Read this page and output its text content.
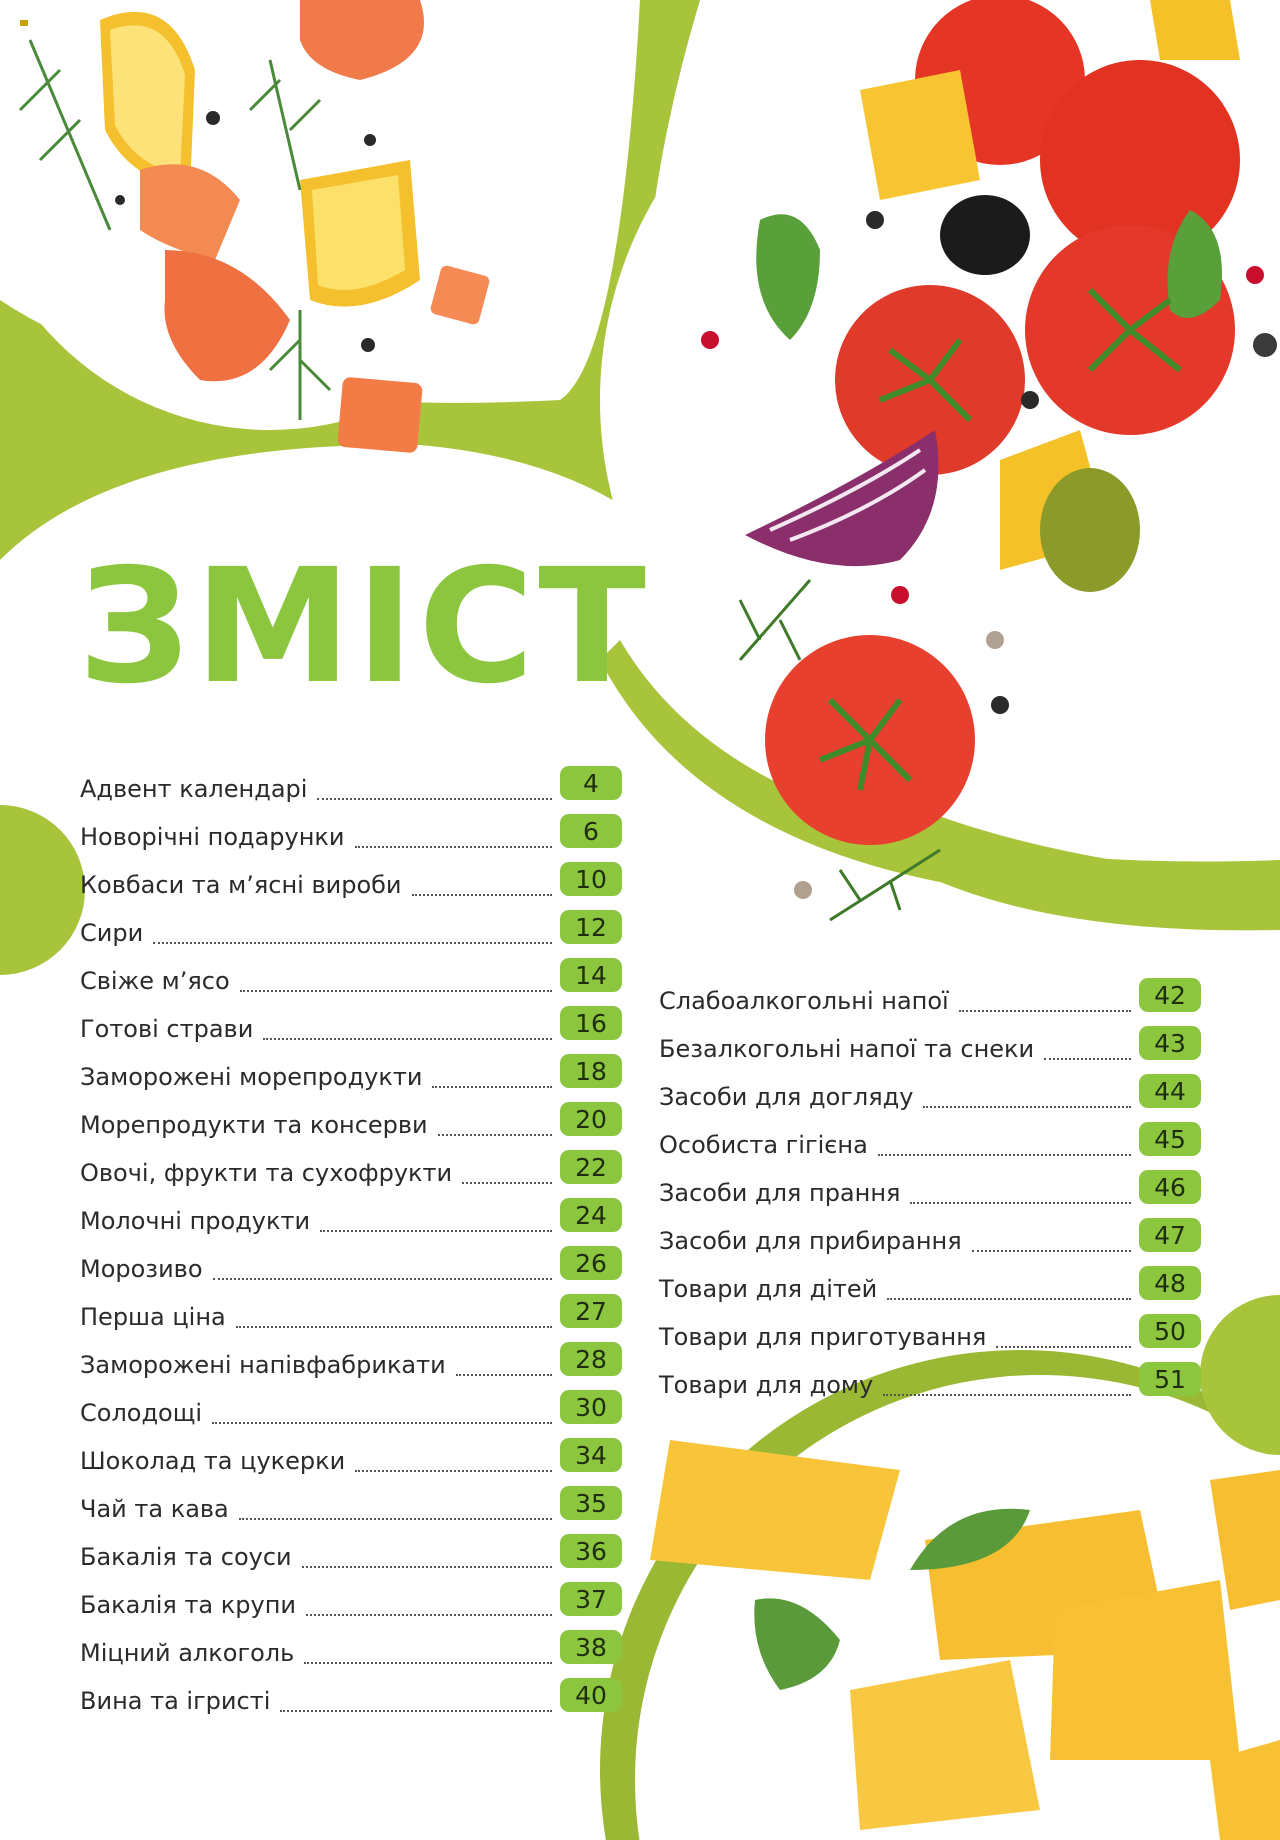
ЗМІСТ
Адвент календарі	4
Новорічні подарунки	6
Ковбаси та м’ясні вироби	10
Сири	12
Свіже м’ясо	14
Готові страви	16
Заморожені морепродукти	18
Морепродукти та консерви	20
Овочі, фрукти та сухофрукти	22
Молочні продукти	24
Морозиво	26
Перша ціна	27
Заморожені напівфабрикати	28
Солодощі	30
Шоколад та цукерки	34
Чай та кава	35
Бакалія та соуси	36
Бакалія та крупи	37
Міцний алкоголь	38
Вина та ігристі	40
Слабоалкогольні напої	42
Безалкогольні напої та снеки	43
Засоби для догляду	44
Особиста гігієна	45
Засоби для прання	46
Засоби для прибирання	47
Товари для дітей	48
Товари для приготування	50
Товари для дому	51
